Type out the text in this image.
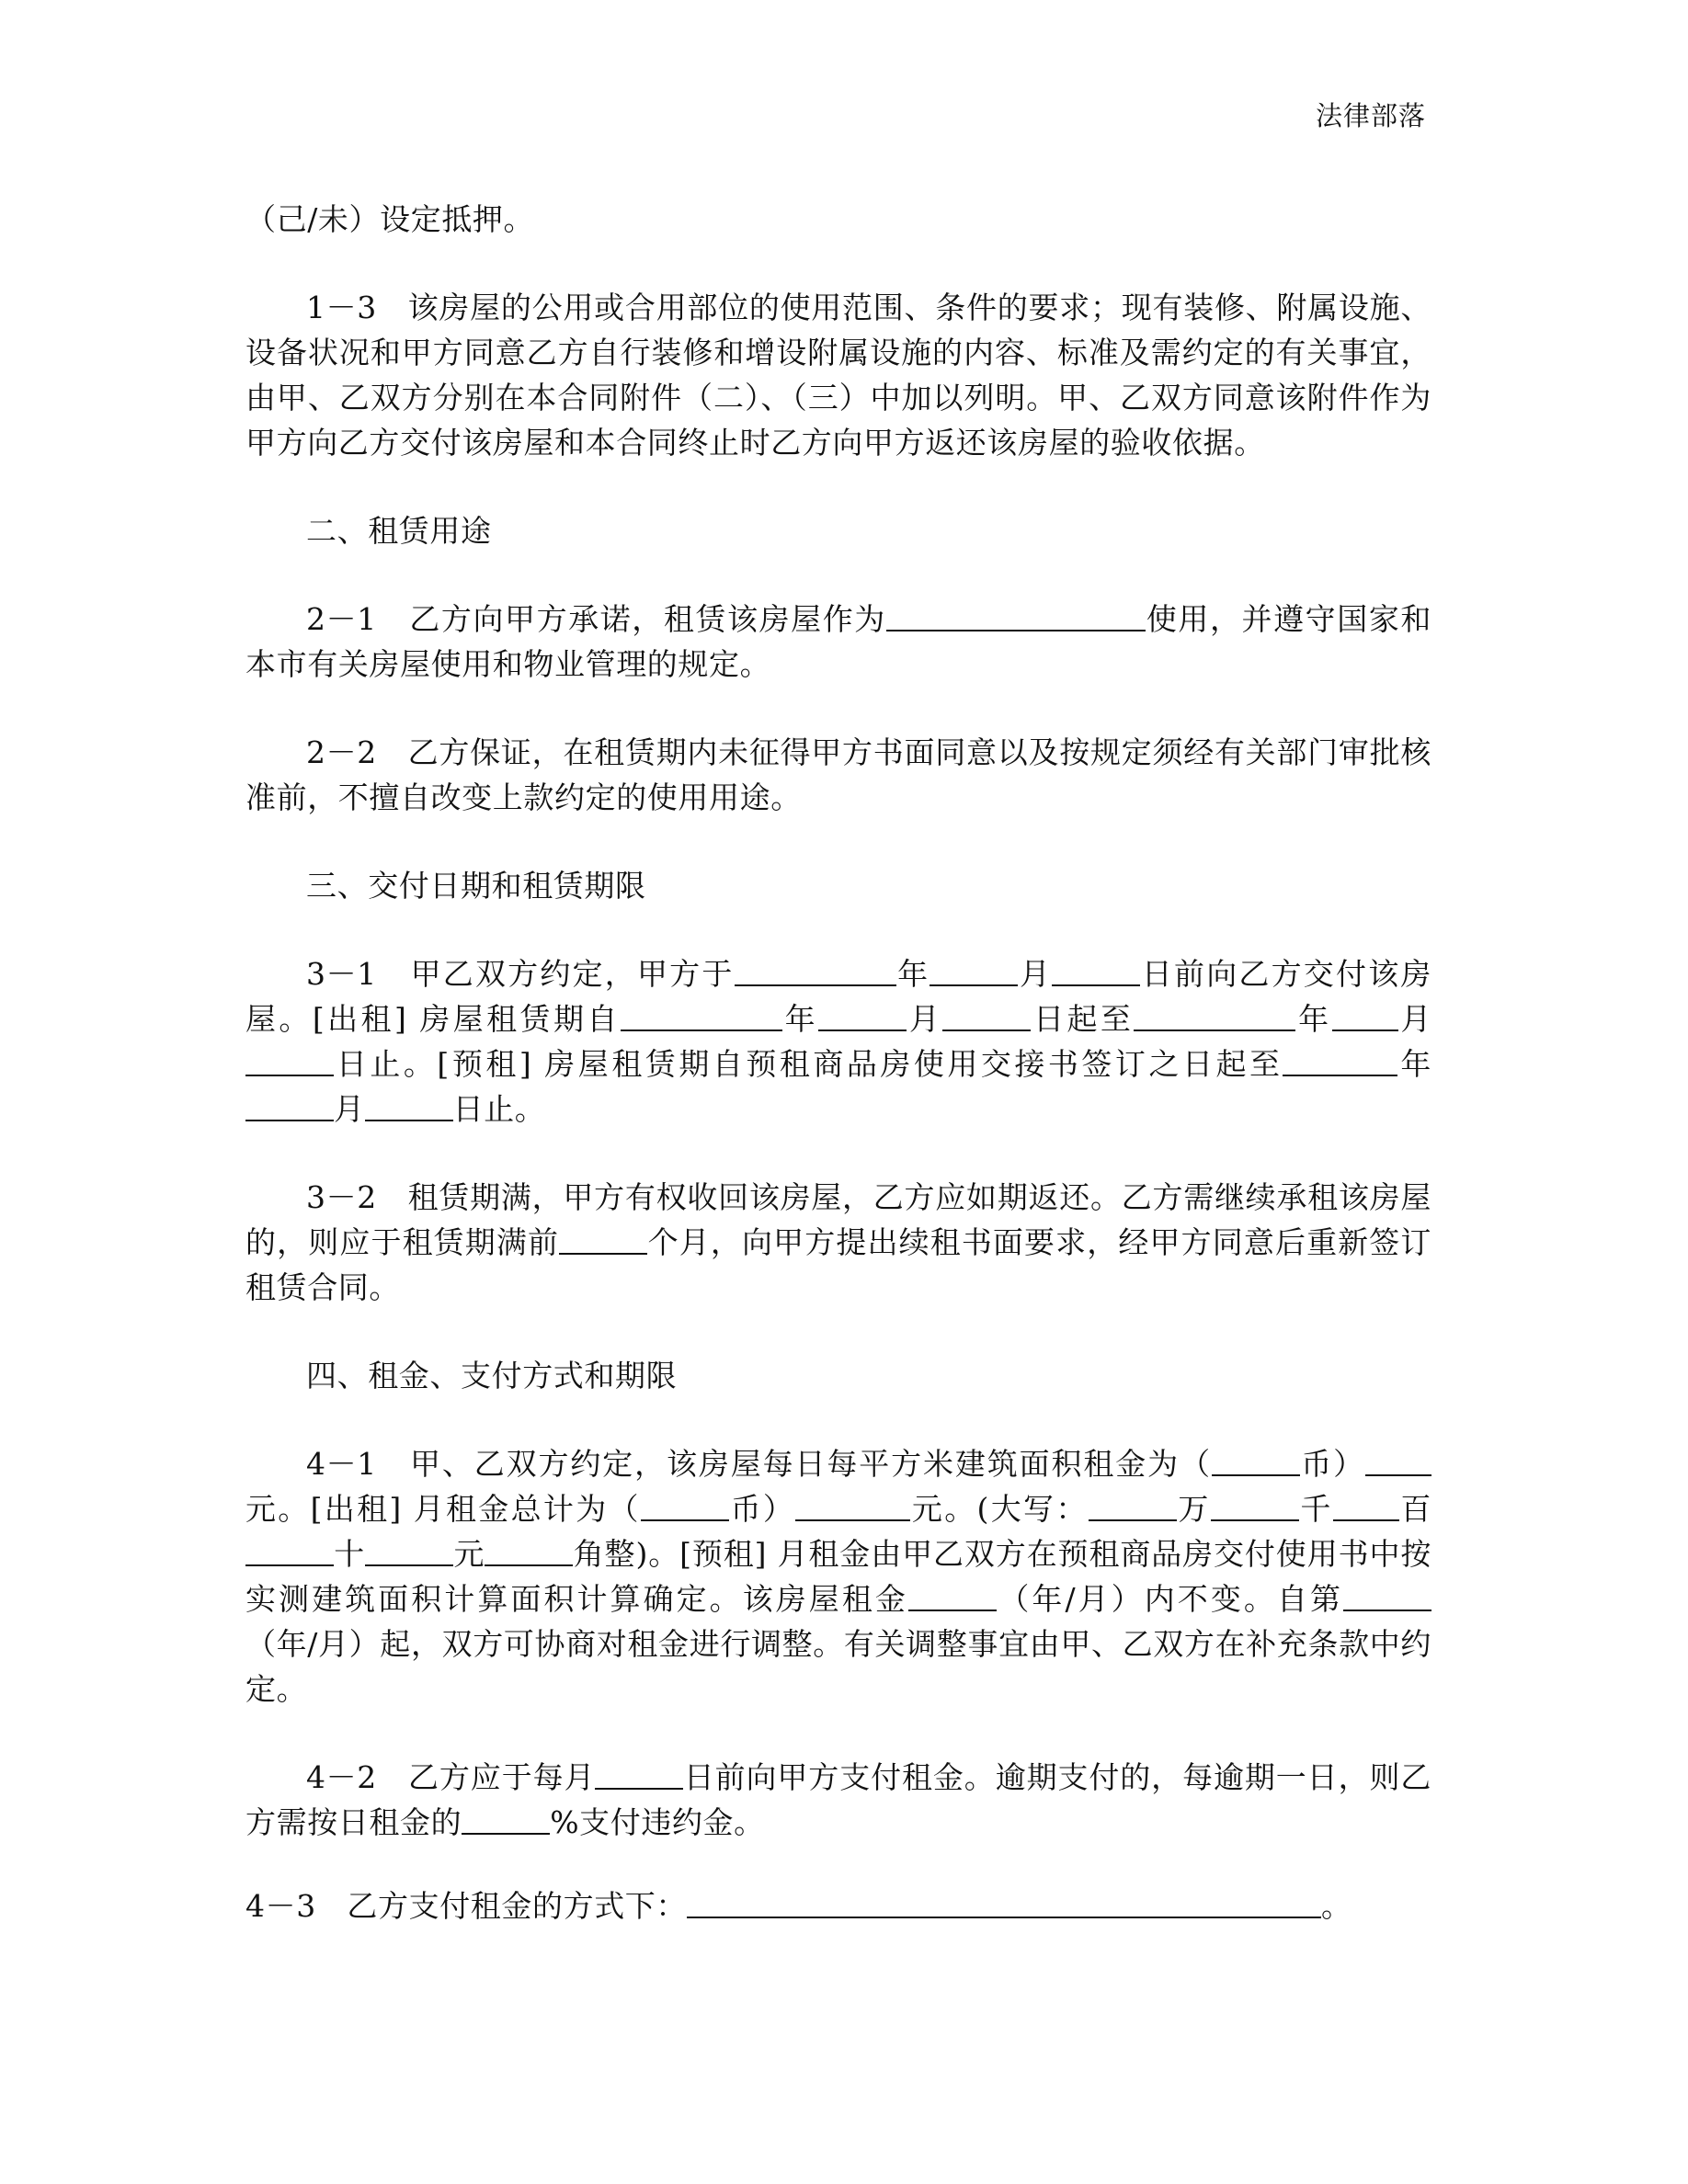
法律部落

（己/未）设定抵押。

1－3　该房屋的公用或合用部位的使用范围、条件的要求；现有装修、附属设施、设备状况和甲方同意乙方自行装修和增设附属设施的内容、标准及需约定的有关事宜，由甲、乙双方分别在本合同附件（二）、（三）中加以列明。甲、乙双方同意该附件作为甲方向乙方交付该房屋和本合同终止时乙方向甲方返还该房屋的验收依据。

二、租赁用途

2－1　乙方向甲方承诺，租赁该房屋作为	使用，并遵守国家和本市有关房屋使用和物业管理的规定。

2－2　乙方保证，在租赁期内未征得甲方书面同意以及按规定须经有关部门审批核准前，不擅自改变上款约定的使用用途。

三、交付日期和租赁期限

3－1　甲乙双方约定，甲方于	年	月	日前向乙方交付该房屋。[出租] 房屋租赁期自	年	月	日起至	年 月日止。[预租] 房屋租赁期自预租商品房使用交接书签订之日起至	年月	日止。

3－2　租赁期满，甲方有权收回该房屋，乙方应如期返还。乙方需继续承租该房屋的，则应于租赁期满前	个月，向甲方提出续租书面要求，经甲方同意后重新签订租赁合同。

四、租金、支付方式和期限

4－1　甲、乙双方约定，该房屋每日每平方米建筑面积租金为（	币）元。[出租] 月租金总计为（	币）	元。(大写：	万	千 百十	元	角整)。[预租] 月租金由甲乙双方在预租商品房交付使用书中按实测建筑面积计算面积计算确定。该房屋租金	（年/月）内不变。自第（年/月）起，双方可协商对租金进行调整。有关调整事宜由甲、乙双方在补充条款中约定。

4－2　乙方应于每月	日前向甲方支付租金。逾期支付的，每逾期一日，则乙方需按日租金的	%支付违约金。

4－3　乙方支付租金的方式下：	。
